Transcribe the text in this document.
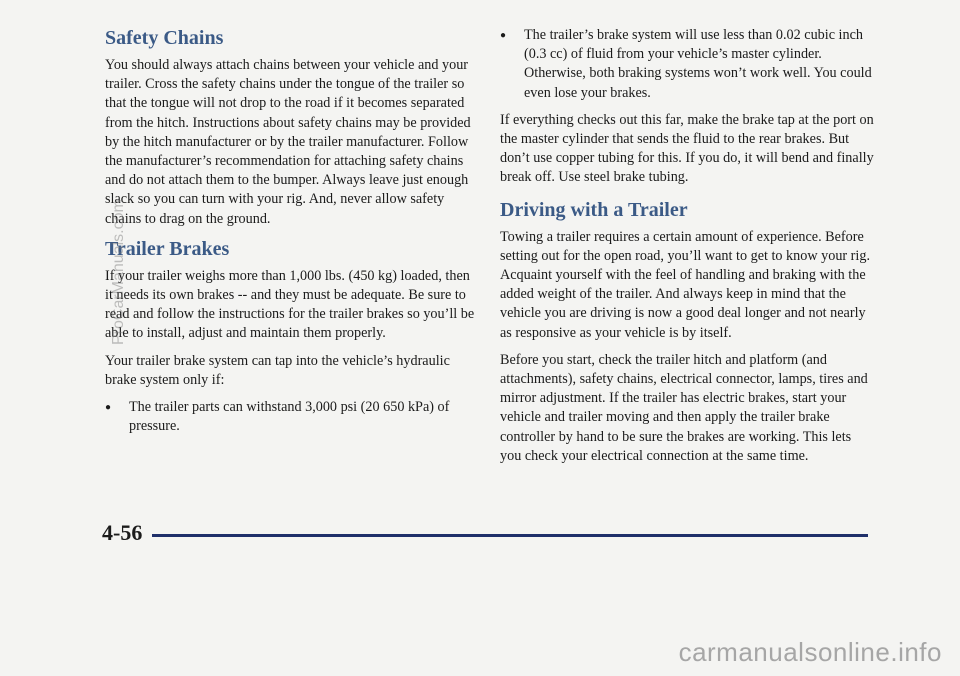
Safety Chains

You should always attach chains between your vehicle and your trailer. Cross the safety chains under the tongue of the trailer so that the tongue will not drop to the road if it becomes separated from the hitch. Instructions about safety chains may be provided by the hitch manufacturer or by the trailer manufacturer. Follow the manufacturer’s recommendation for attaching safety chains and do not attach them to the bumper. Always leave just enough slack so you can turn with your rig. And, never allow safety chains to drag on the ground.

Trailer Brakes

If your trailer weighs more than 1,000 lbs. (450 kg) loaded, then it needs its own brakes -- and they must be adequate. Be sure to read and follow the instructions for the trailer brakes so you’ll be able to install, adjust and maintain them properly.

Your trailer brake system can tap into the vehicle’s hydraulic brake system only if:

●	The trailer parts can withstand 3,000 psi (20 650 kPa) of pressure.
●	The trailer’s brake system will use less than 0.02 cubic inch (0.3 cc) of fluid from your vehicle’s master cylinder. Otherwise, both braking systems won’t work well. You could even lose your brakes.

If everything checks out this far, make the brake tap at the port on the master cylinder that sends the fluid to the rear brakes. But don’t use copper tubing for this. If you do, it will bend and finally break off. Use steel brake tubing.

Driving with a Trailer

Towing a trailer requires a certain amount of experience. Before setting out for the open road, you’ll want to get to know your rig. Acquaint yourself with the feel of handling and braking with the added weight of the trailer. And always keep in mind that the vehicle you are driving is now a good deal longer and not nearly as responsive as your vehicle is by itself.

Before you start, check the trailer hitch and platform (and attachments), safety chains, electrical connector, lamps, tires and mirror adjustment. If the trailer has electric brakes, start your vehicle and trailer moving and then apply the trailer brake controller by hand to be sure the brakes are working. This lets you check your electrical connection at the same time.

4-56
ProCarManuals.com
carmanualsonline.info
